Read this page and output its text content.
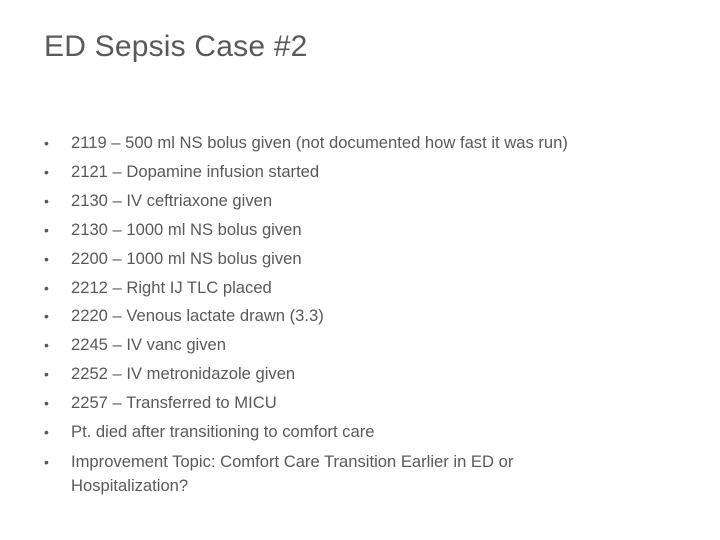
ED Sepsis Case #2
•	2119 – 500 ml NS bolus given (not documented how fast it was run)
•	2121 – Dopamine infusion started
•	2130 – IV ceftriaxone given
•	2130 – 1000 ml NS bolus given
•	2200 – 1000 ml NS bolus given
•	2212 – Right IJ TLC placed
•	2220 – Venous lactate drawn (3.3)
•	2245 – IV vanc given
•	2252 – IV metronidazole given
•	2257 – Transferred to MICU
•	Pt. died after transitioning to comfort care
•	Improvement Topic: Comfort Care Transition Earlier in ED or Hospitalization?
